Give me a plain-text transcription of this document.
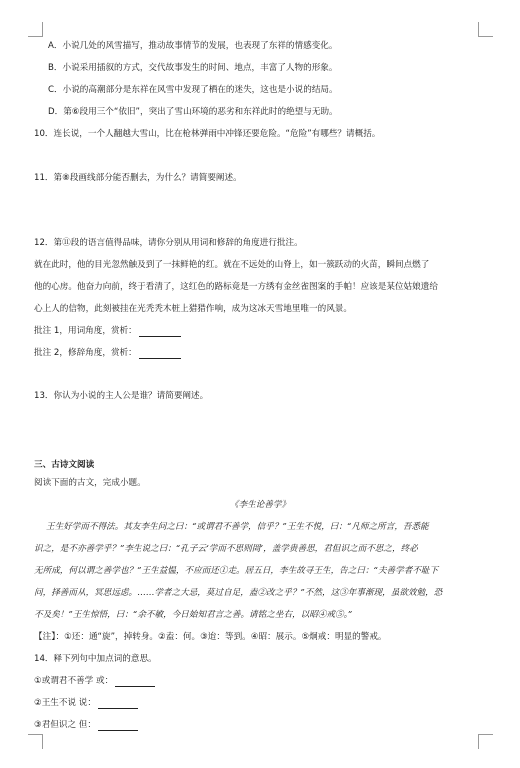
A．小说几处的风雪描写，推动故事情节的发展，也表现了东祥的情感变化。
B．小说采用插叙的方式，交代故事发生的时间、地点，丰富了人物的形象。
C．小说的高潮部分是东祥在风雪中发现了栖在的迷失，这也是小说的结局。
D．第⑥段用三个“依旧”，突出了雪山环境的恶劣和东祥此时的绝望与无助。
10．连长说，一个人翻越大雪山，比在枪林弹雨中冲锋还要危险。“危险”有哪些？请概括。
11．第⑧段画线部分能否删去，为什么？请简要阐述。
12．第⑪段的语言值得品味，请你分别从用词和修辞的角度进行批注。
就在此时，他的目光忽然触及到了一抹鲜艳的红。就在不远处的山脊上，如一簇跃动的火苗，瞬间点燃了
他的心房。他奋力向前，终于看清了，这红色的路标竟是一方绣有金丝雀图案的手帕！应该是某位姑娘遗给
心上人的信物，此刻被挂在光秃秃木桩上猎猎作响，成为这冰天雪地里唯一的风景。
批注 1，用词角度，赏析：
批注 2，修辞角度，赏析：
13．你认为小说的主人公是谁？请简要阐述。
三、古诗文阅读
阅读下面的古文，完成小题。
《李生论善学》
王生好学而不得法。其友李生问之曰：“或谓君不善学，信乎？”王生不悦，曰：“凡师之所言，吾悉能
识之，是不亦善学乎？”李生说之曰：“孔子云‘学而不思则罔’，盖学贵善思，君但识之而不思之，终必
无所成，何以谓之善学也？”王生益愠，不应而还①走。居五日，李生故寻王生，告之曰：“夫善学者不耻下
问，择善而从，冥思远虑。……学者之大忌，莫过自足，盍②改之乎？”不然，这③年事渐现，虽欲效勉，恐
不及矣！”王生惊悟，曰：“余不敏，今日始知君言之善。请铭之坐右，以昭④戒⑤。”
【注】：①还：通“旋”，掉转身。②盍：何。③迨：等到。④昭：展示。⑤炯戒：明显的警戒。
14．释下列句中加点词的意思。
①或谓君不善学 或：
②王生不说 说：
③君但识之 但：
